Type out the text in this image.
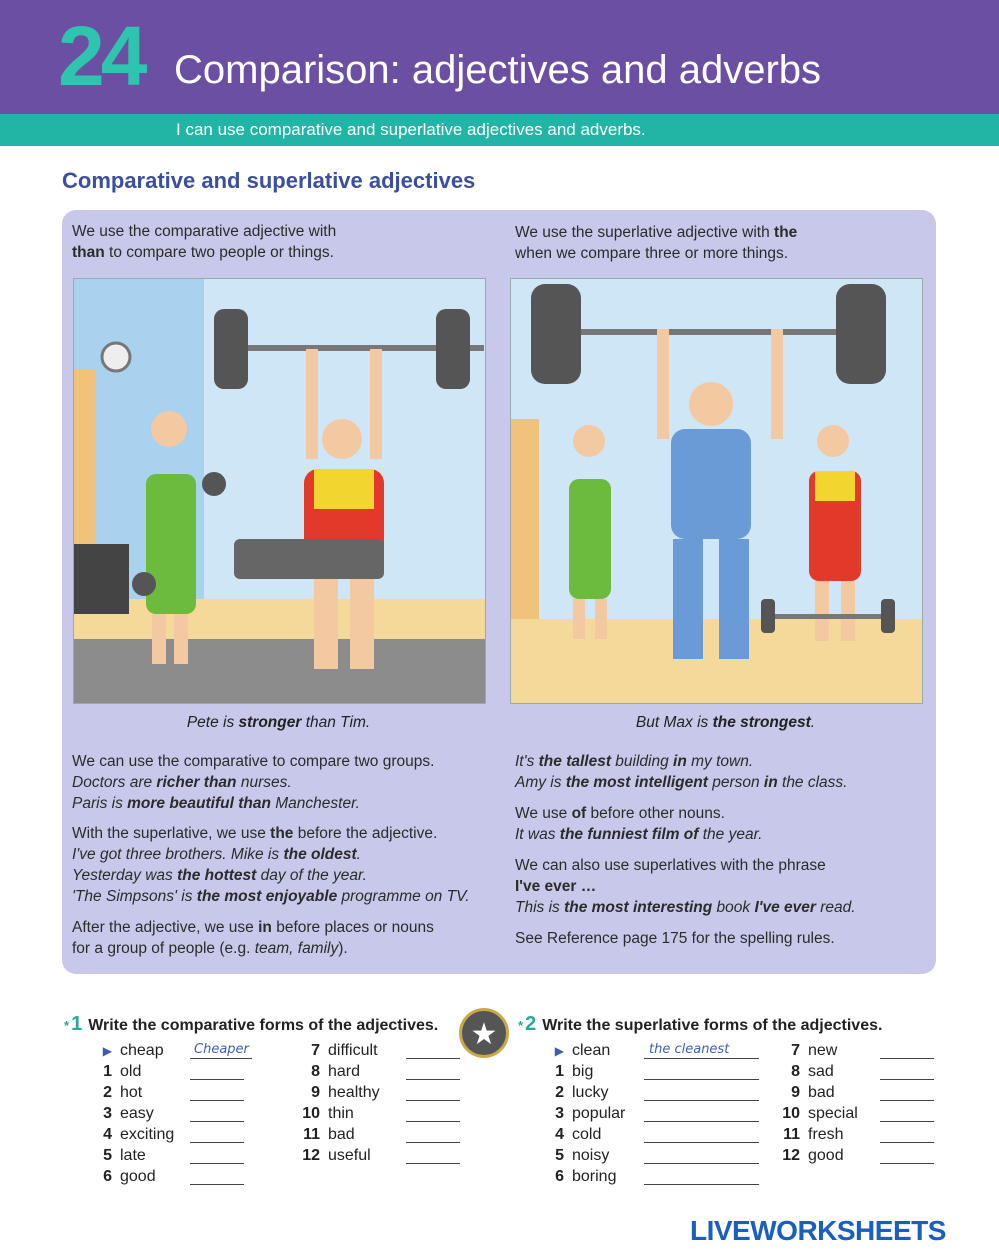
24 Comparison: adjectives and adverbs
I can use comparative and superlative adjectives and adverbs.
Comparative and superlative adjectives
We use the comparative adjective with
than to compare two people or things.
We use the superlative adjective with the
when we compare three or more things.
Pete is stronger than Tim.	But Max is the strongest.
We can use the comparative to compare two groups.
Doctors are richer than nurses.
Paris is more beautiful than Manchester.
With the superlative, we use the before the adjective.
I've got three brothers. Mike is the oldest.
Yesterday was the hottest day of the year.
'The Simpsons' is the most enjoyable programme on TV.
After the adjective, we use in before places or nouns
for a group of people (e.g. team, family).
It's the tallest building in my town.
Amy is the most intelligent person in the class.
We use of before other nouns.
It was the funniest film of the year.
We can also use superlatives with the phrase
I've ever …
This is the most interesting book I've ever read.
See Reference page 175 for the spelling rules.
* 1 Write the comparative forms of the adjectives.	★
▶ cheap Cheaper
1 old
2 hot
3 easy
4 exciting
5 late
6 good
7 difficult
8 hard
9 healthy
10 thin
11 bad
12 useful
* 2 Write the superlative forms of the adjectives.
▶ clean	the cleanest
1 big
2 lucky
3 popular
4 cold
5 noisy
6 boring
7 new
8 sad
9 bad
10 special
11 fresh
12 good
LIVEWORKSHEETS
